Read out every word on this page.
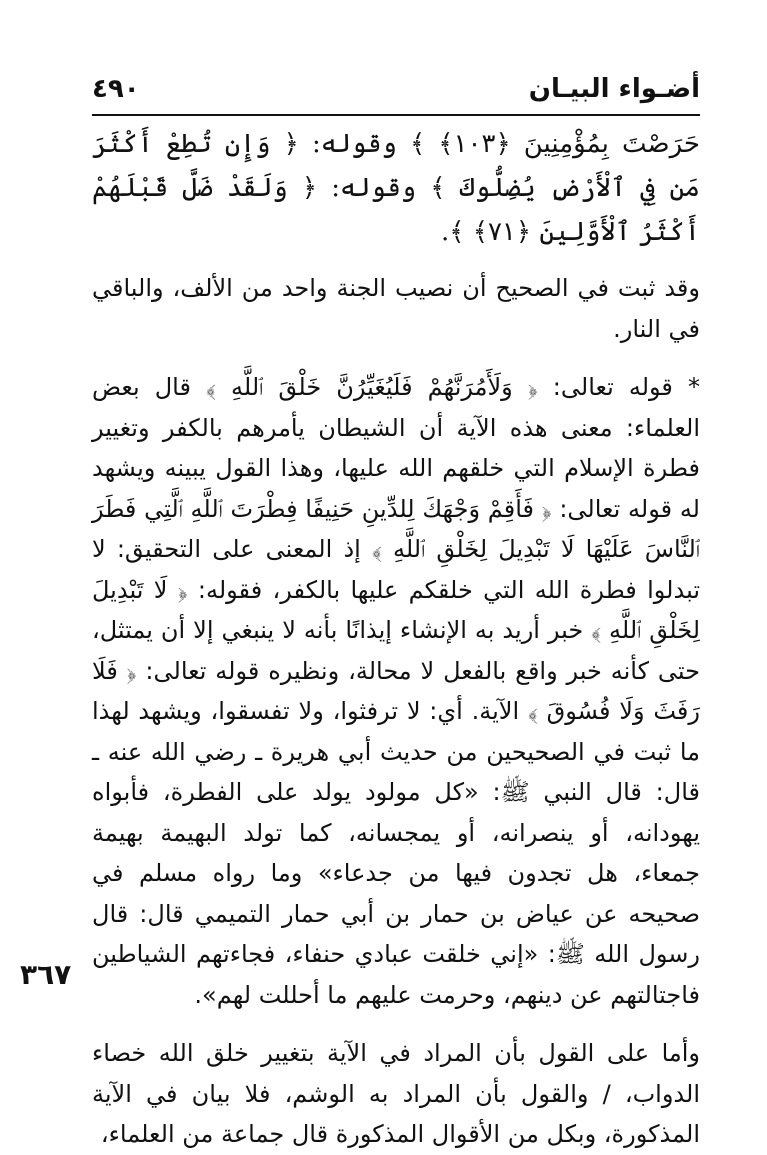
أضـواء البيـان
٤٩٠

حَرَصْتَ بِمُؤْمِنِينَ ﴿١٠٣﴾ ﴾ وقوله: ﴿ وَإِن تُطِعْ أَكْثَرَ مَن فِي ٱلْأَرْضِ يُضِلُّوكَ ﴾ وقوله: ﴿ وَلَقَدْ ضَلَّ قَبْلَهُمْ أَكْثَرُ ٱلْأَوَّلِينَ ﴿٧١﴾ ﴾.

وقد ثبت في الصحيح أن نصيب الجنة واحد من الألف، والباقي في النار.

* قوله تعالى: ﴿ وَلَأَمُرَنَّهُمْ فَلَيُغَيِّرُنَّ خَلْقَ ٱللَّهِ ﴾ قال بعض العلماء: معنى هذه الآية أن الشيطان يأمرهم بالكفر وتغيير فطرة الإسلام التي خلقهم الله عليها، وهذا القول يبينه ويشهد له قوله تعالى: ﴿ فَأَقِمْ وَجْهَكَ لِلدِّينِ حَنِيفًا فِطْرَتَ ٱللَّهِ ٱلَّتِي فَطَرَ ٱلنَّاسَ عَلَيْهَا لَا تَبْدِيلَ لِخَلْقِ ٱللَّهِ ﴾ إذ المعنى على التحقيق: لا تبدلوا فطرة الله التي خلقكم عليها بالكفر، فقوله: ﴿ لَا تَبْدِيلَ لِخَلْقِ ٱللَّهِ ﴾ خبر أريد به الإنشاء إيذانًا بأنه لا ينبغي إلا أن يمتثل، حتى كأنه خبر واقع بالفعل لا محالة، ونظيره قوله تعالى: ﴿ فَلَا رَفَثَ وَلَا فُسُوقَ ﴾ الآية. أي: لا ترفثوا، ولا تفسقوا، ويشهد لهذا ما ثبت في الصحيحين من حديث أبي هريرة ـ رضي الله عنه ـ قال: قال النبي ﷺ: «كل مولود يولد على الفطرة، فأبواه يهودانه، أو ينصرانه، أو يمجسانه، كما تولد البهيمة بهيمة جمعاء، هل تجدون فيها من جدعاء» وما رواه مسلم في صحيحه عن عياض بن حمار بن أبي حمار التميمي قال: قال رسول الله ﷺ: «إني خلقت عبادي حنفاء، فجاءتهم الشياطين فاجتالتهم عن دينهم، وحرمت عليهم ما أحللت لهم».

وأما على القول بأن المراد في الآية بتغيير خلق الله خصاء الدواب، / والقول بأن المراد به الوشم، فلا بيان في الآية المذكورة، وبكل من الأقوال المذكورة قال جماعة من العلماء،

٣٦٧
